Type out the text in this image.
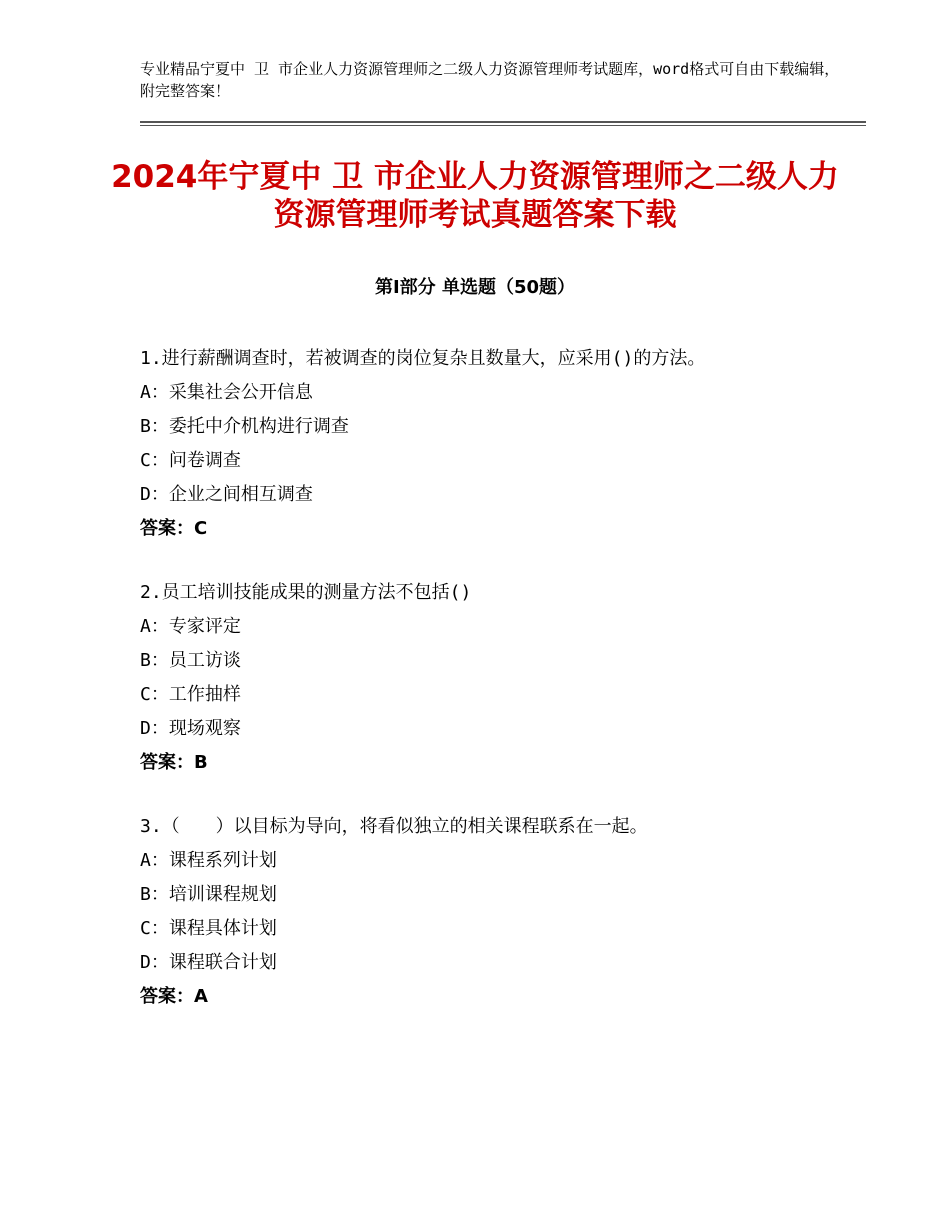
专业精品宁夏中 卫 市企业人力资源管理师之二级人力资源管理师考试题库，word格式可自由下载编辑，附完整答案！
2024年宁夏中 卫 市企业人力资源管理师之二级人力资源管理师考试真题答案下载
第Ⅰ部分 单选题（50题）

1.进行薪酬调查时，若被调查的岗位复杂且数量大，应采用()的方法。

A：采集社会公开信息

B：委托中介机构进行调查

C：问卷调查

D：企业之间相互调查

答案：C

2.员工培训技能成果的测量方法不包括()

A：专家评定

B：员工访谈

C：工作抽样

D：现场观察

答案：B

3.（　　）以目标为导向，将看似独立的相关课程联系在一起。

A：课程系列计划

B：培训课程规划

C：课程具体计划

D：课程联合计划

答案：A
